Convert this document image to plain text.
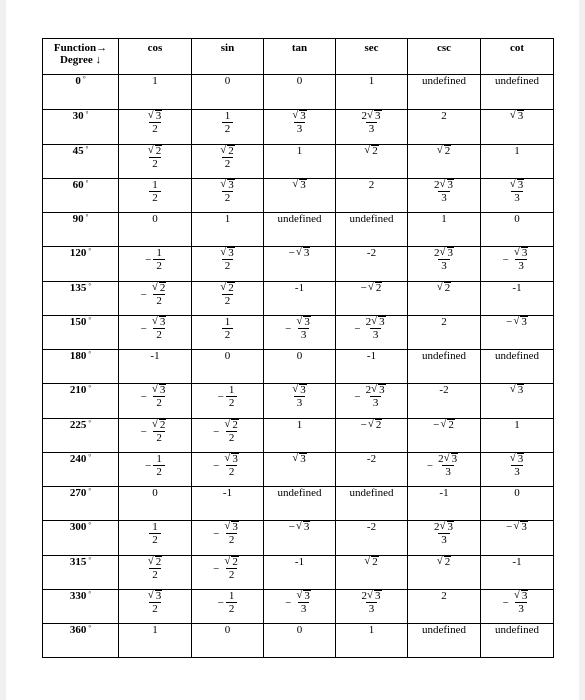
Function→
Degree ↓	cos	sin	tan	sec	csc	cot
0 °	1	0	0	1	undefined	undefined
30 °	√ $\frac{3}{2}$	$\frac{1}{2}$	√ $\frac{3}{3}$	$\frac{2 √ 3}{3}$	2	√ 3
45 °	√ $\frac{2}{2}$	√ $\frac{2}{2}$	1	√ 2	√ 2	1
60 °	$\frac{1}{2}$	√ $\frac{3}{2}$	√ 3	2	$\frac{2 √ 3}{3}$	√ $\frac{3}{3}$

90 °	0	1	undefined	undefined	1	0
120 °	− $\frac{1}{2}$	√ $\frac{3}{2}$	− √ 3	-2	$\frac{2 √ 3}{3}$	− √ $\frac{3}{3}$

135 °	− √ $\frac{2}{2}$	√ $\frac{2}{2}$	-1	− √ 2	√ 2	-1
150 °	− √ $\frac{3}{2}$	$\frac{1}{2}$	− √ $\frac{3}{3}$	− $\frac{2 √ 3}{3}$	2	− √ 3
180 °	-1	0	0	-1	undefined	undefined
210 °	− √ $\frac{3}{2}$	− $\frac{1}{2}$	√ $\frac{3}{3}$	− $\frac{2 √ 3}{3}$	-2	√ 3
225 °	− √ $\frac{2}{2}$	− √ $\frac{2}{2}$	1	− √ 2	− √ 2	1
240 °	− $\frac{1}{2}$	− √ $\frac{3}{2}$	√ 3	-2	− $\frac{2 √ 3}{3}$	√ $\frac{3}{3}$

270 °	0	-1	undefined	undefined	-1	0
300 °	$\frac{1}{2}$	− √ $\frac{3}{2}$	− √ 3	-2	$\frac{2 √ 3}{3}$	− √ 3
315 °	√ $\frac{2}{2}$	− √ $\frac{2}{2}$	-1	√ 2	√ 2	-1
330 °	√ $\frac{3}{2}$	− $\frac{1}{2}$	− √ $\frac{3}{3}$	$\frac{2 √ 3}{3}$	2	− √ $\frac{3}{3}$

360 °	1	0	0	1	undefined	undefined
